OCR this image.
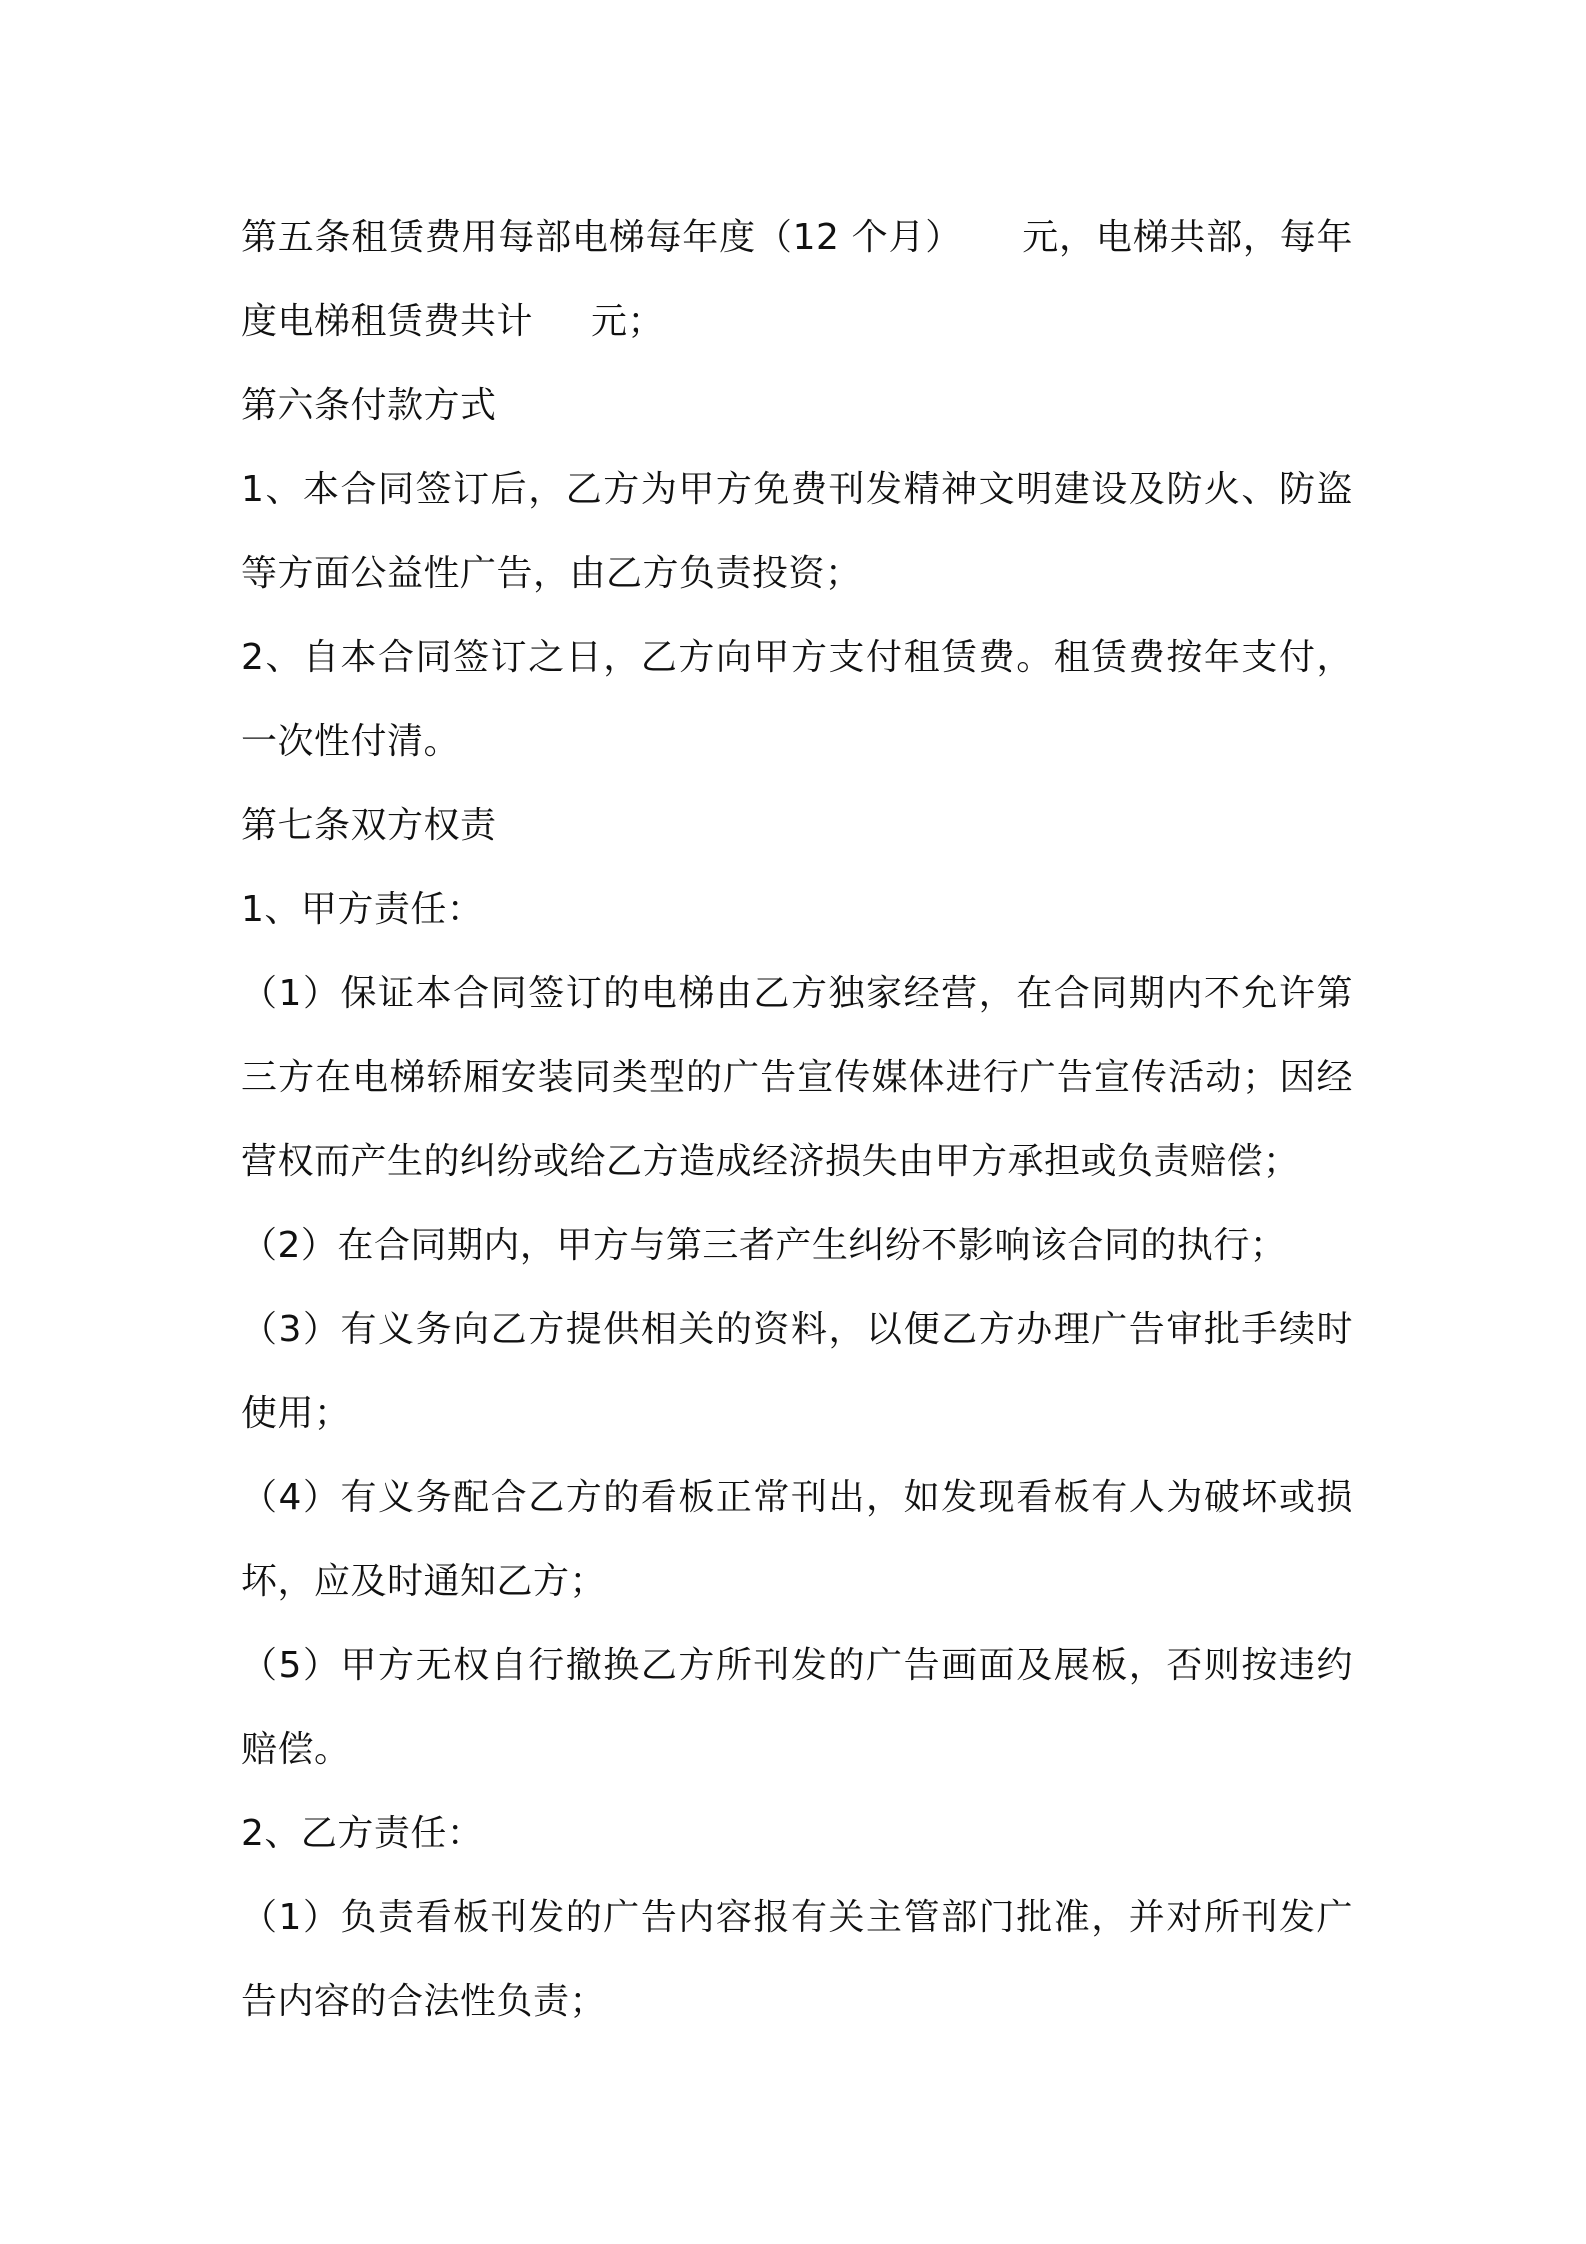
第五条租赁费用每部电梯每年度（12 个月） 元，电梯共部，每年
度电梯租赁费共计 元；
第六条付款方式
1、本合同签订后，乙方为甲方免费刊发精神文明建设及防火、防盗
等方面公益性广告，由乙方负责投资；
2、自本合同签订之日，乙方向甲方支付租赁费。租赁费按年支付，
一次性付清。
第七条双方权责
1、甲方责任：
（1）保证本合同签订的电梯由乙方独家经营，在合同期内不允许第
三方在电梯轿厢安装同类型的广告宣传媒体进行广告宣传活动；因经
营权而产生的纠纷或给乙方造成经济损失由甲方承担或负责赔偿；
（2）在合同期内，甲方与第三者产生纠纷不影响该合同的执行；
（3）有义务向乙方提供相关的资料，以便乙方办理广告审批手续时
使用；
（4）有义务配合乙方的看板正常刊出，如发现看板有人为破坏或损
坏，应及时通知乙方；
（5）甲方无权自行撤换乙方所刊发的广告画面及展板，否则按违约
赔偿。
2、乙方责任：
（1）负责看板刊发的广告内容报有关主管部门批准，并对所刊发广
告内容的合法性负责；
